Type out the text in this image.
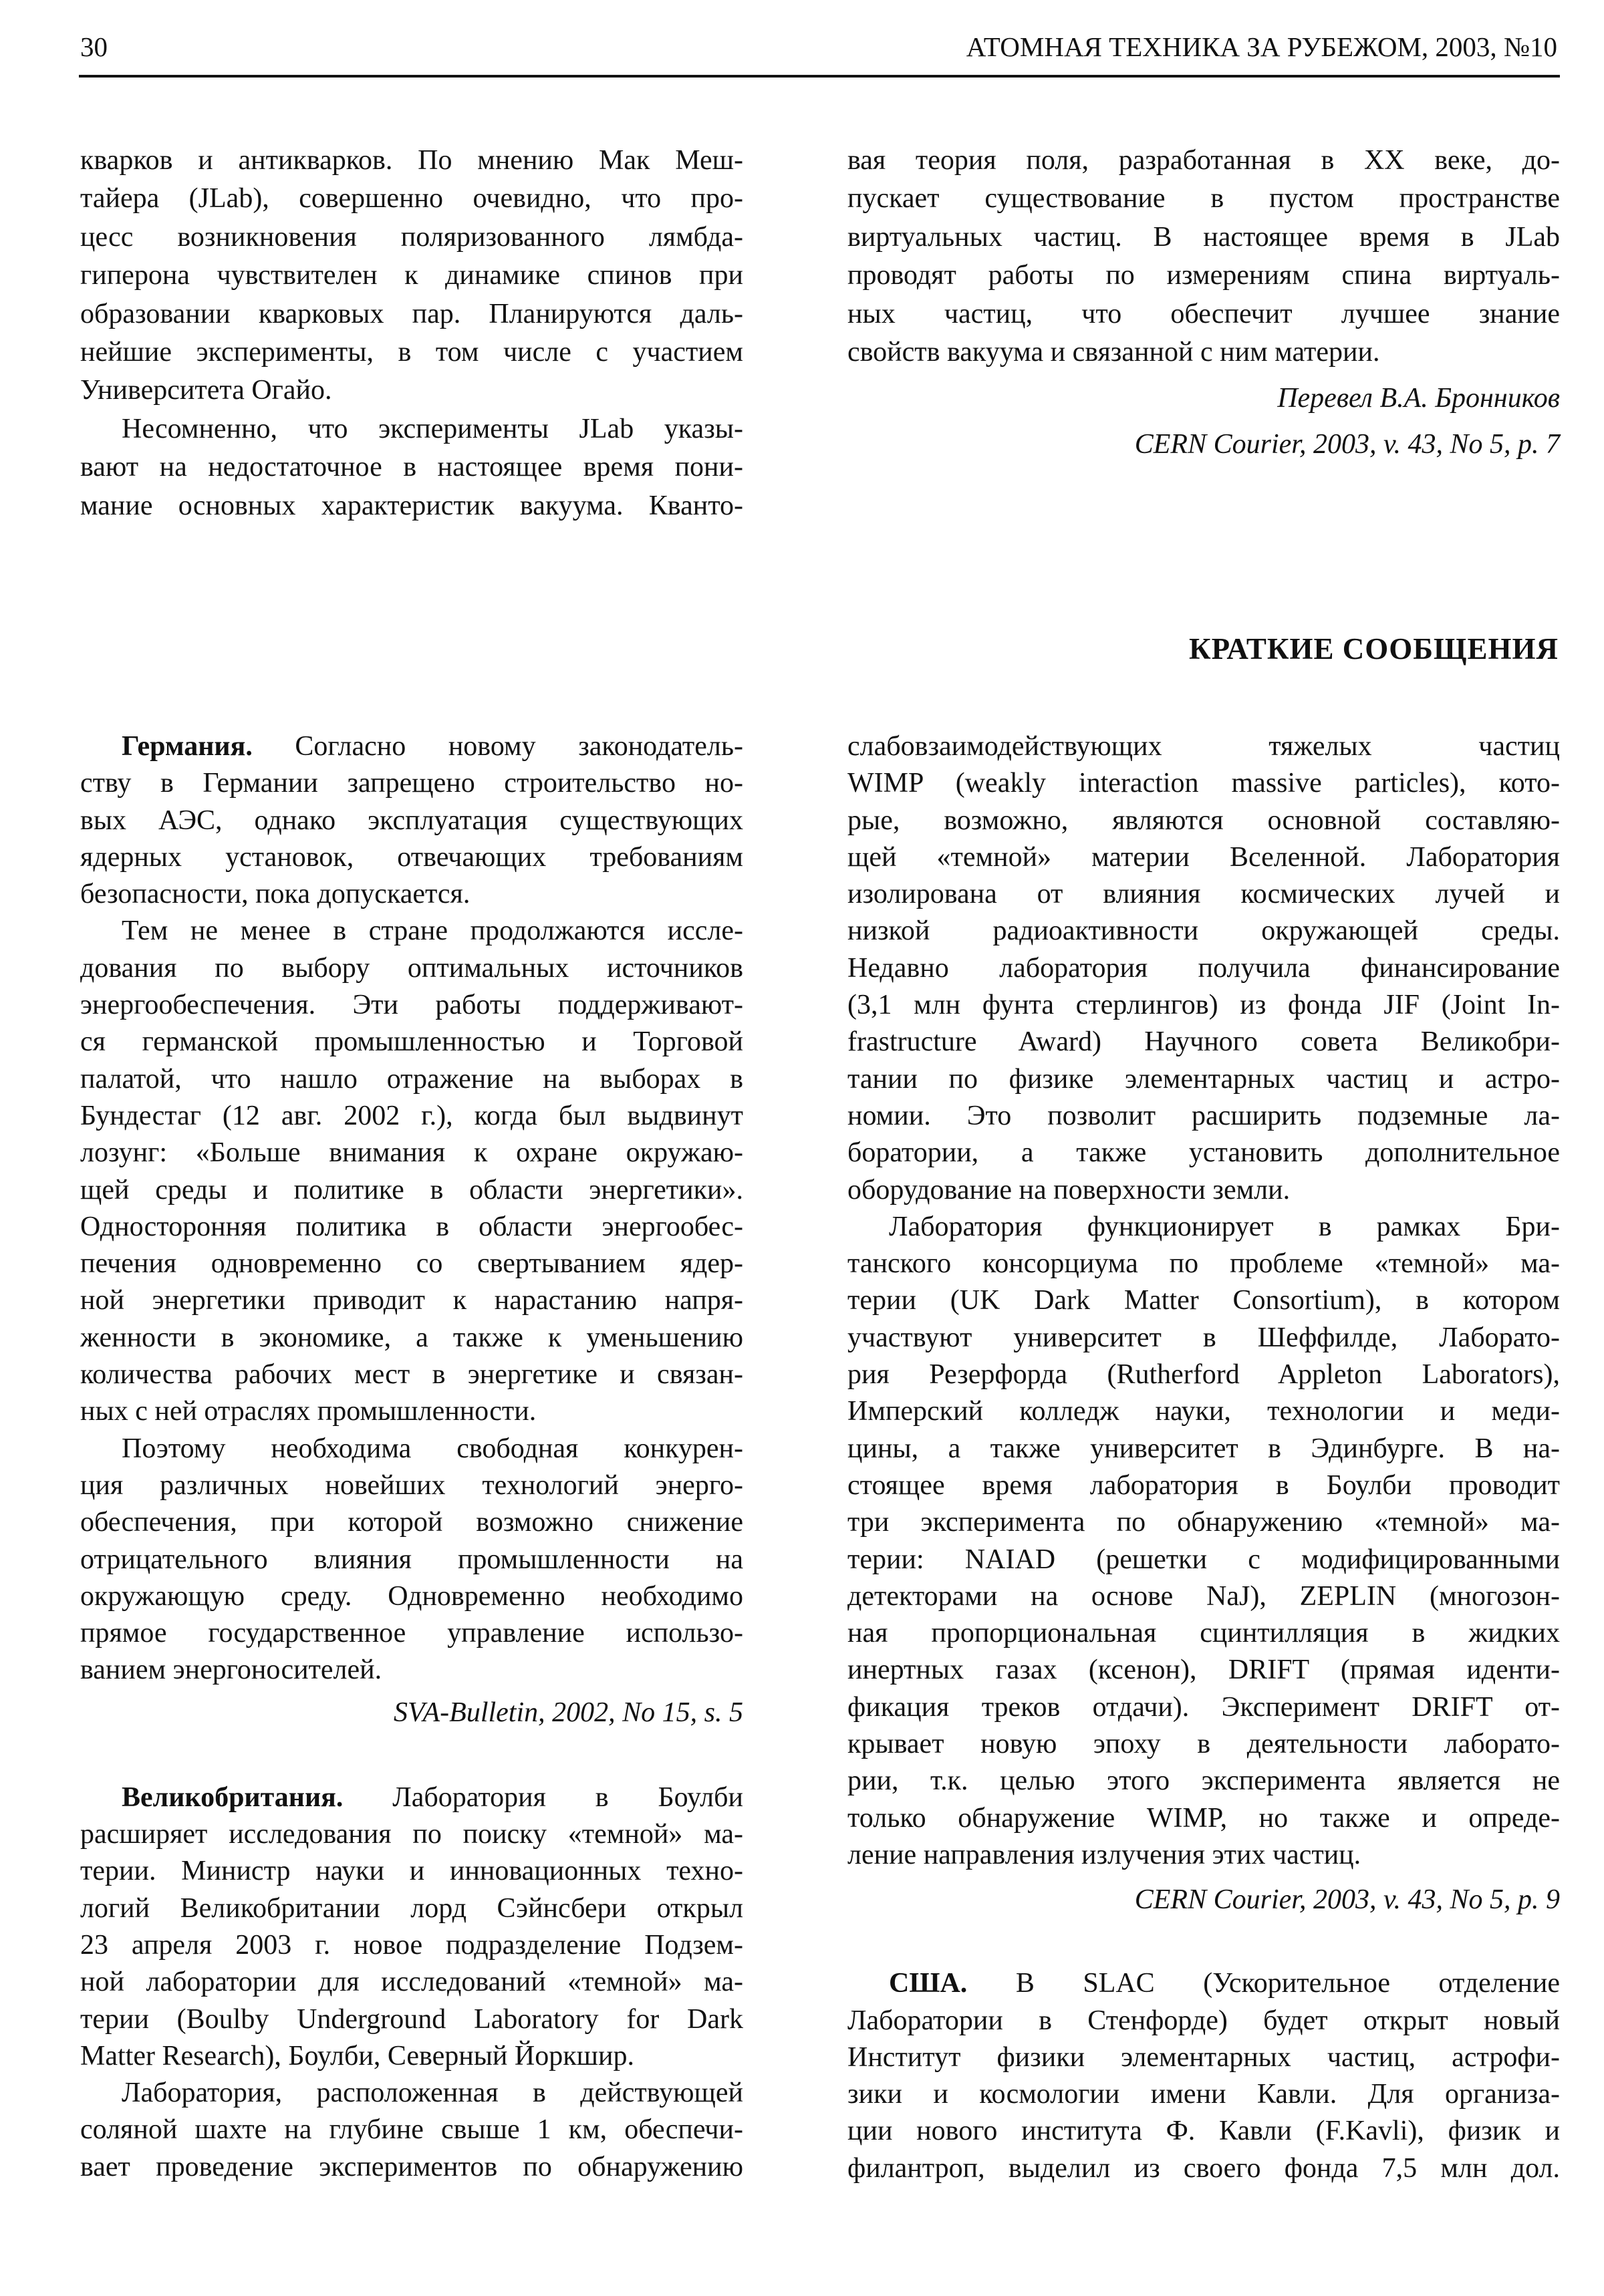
30	АТОМНАЯ ТЕХНИКА ЗА РУБЕЖОМ, 2003, №10
кварков и антикварков. По мнению Мак Меш-
тайера (JLab), совершенно очевидно, что про-
цесс возникновения поляризованного лямбда-
гиперона чувствителен к динамике спинов при
образовании кварковых пар. Планируются даль-
нейшие эксперименты, в том числе с участием
Университета Огайо.
Несомненно, что эксперименты JLab указы-
вают на недостаточное в настоящее время пони-
мание основных характеристик вакуума. Кванто-
вая теория поля, разработанная в XX веке, до-
пускает существование в пустом пространстве
виртуальных частиц. В настоящее время в JLab
проводят работы по измерениям спина виртуаль-
ных частиц, что обеспечит лучшее знание
свойств вакуума и связанной с ним материи.
Перевел В.А. Бронников
CERN Courier, 2003, v. 43, No 5, p. 7
КРАТКИЕ СООБЩЕНИЯ
Германия. Согласно новому законодатель-
ству в Германии запрещено строительство но-
вых АЭС, однако эксплуатация существующих
ядерных установок, отвечающих требованиям
безопасности, пока допускается.
Тем не менее в стране продолжаются иссле-
дования по выбору оптимальных источников
энергообеспечения. Эти работы поддерживают-
ся германской промышленностью и Торговой
палатой, что нашло отражение на выборах в
Бундестаг (12 авг. 2002 г.), когда был выдвинут
лозунг: «Больше внимания к охране окружаю-
щей среды и политике в области энергетики».
Односторонняя политика в области энергообес-
печения одновременно со свертыванием ядер-
ной энергетики приводит к нарастанию напря-
женности в экономике, а также к уменьшению
количества рабочих мест в энергетике и связан-
ных с ней отраслях промышленности.
Поэтому необходима свободная конкурен-
ция различных новейших технологий энерго-
обеспечения, при которой возможно снижение
отрицательного влияния промышленности на
окружающую среду. Одновременно необходимо
прямое государственное управление использо-
ванием энергоносителей.
SVA-Bulletin, 2002, No 15, s. 5
Великобритания. Лаборатория в Боулби
расширяет исследования по поиску «темной» ма-
терии. Министр науки и инновационных техно-
логий Великобритании лорд Сэйнсбери открыл
23 апреля 2003 г. новое подразделение Подзем-
ной лаборатории для исследований «темной» ма-
терии (Boulby Underground Laboratory for Dark
Matter Research), Боулби, Северный Йоркшир.
Лаборатория, расположенная в действующей
соляной шахте на глубине свыше 1 км, обеспечи-
вает проведение экспериментов по обнаружению
слабовзаимодействующих тяжелых частиц
WIMP (weakly interaction massive particles), кото-
рые, возможно, являются основной составляю-
щей «темной» материи Вселенной. Лаборатория
изолирована от влияния космических лучей и
низкой радиоактивности окружающей среды.
Недавно лаборатория получила финансирование
(3,1 млн фунта стерлингов) из фонда JIF (Joint In-
frastructure Award) Научного совета Великобри-
тании по физике элементарных частиц и астро-
номии. Это позволит расширить подземные ла-
боратории, а также установить дополнительное
оборудование на поверхности земли.
Лаборатория функционирует в рамках Бри-
танского консорциума по проблеме «темной» ма-
терии (UK Dark Matter Consortium), в котором
участвуют университет в Шеффилде, Лаборато-
рия Резерфорда (Rutherford Appleton Laborators),
Имперский колледж науки, технологии и меди-
цины, а также университет в Эдинбурге. В на-
стоящее время лаборатория в Боулби проводит
три эксперимента по обнаружению «темной» ма-
терии: NAIAD (решетки с модифицированными
детекторами на основе NaJ), ZEPLIN (многозон-
ная пропорциональная сцинтилляция в жидких
инертных газах (ксенон), DRIFT (прямая иденти-
фикация треков отдачи). Эксперимент DRIFT от-
крывает новую эпоху в деятельности лаборато-
рии, т.к. целью этого эксперимента является не
только обнаружение WIMP, но также и опреде-
ление направления излучения этих частиц.
CERN Courier, 2003, v. 43, No 5, p. 9
США. В SLAC (Ускорительное отделение
Лаборатории в Стенфорде) будет открыт новый
Институт физики элементарных частиц, астрофи-
зики и космологии имени Кавли. Для организа-
ции нового института Ф. Кавли (F.Kavli), физик и
филантроп, выделил из своего фонда 7,5 млн дол.
